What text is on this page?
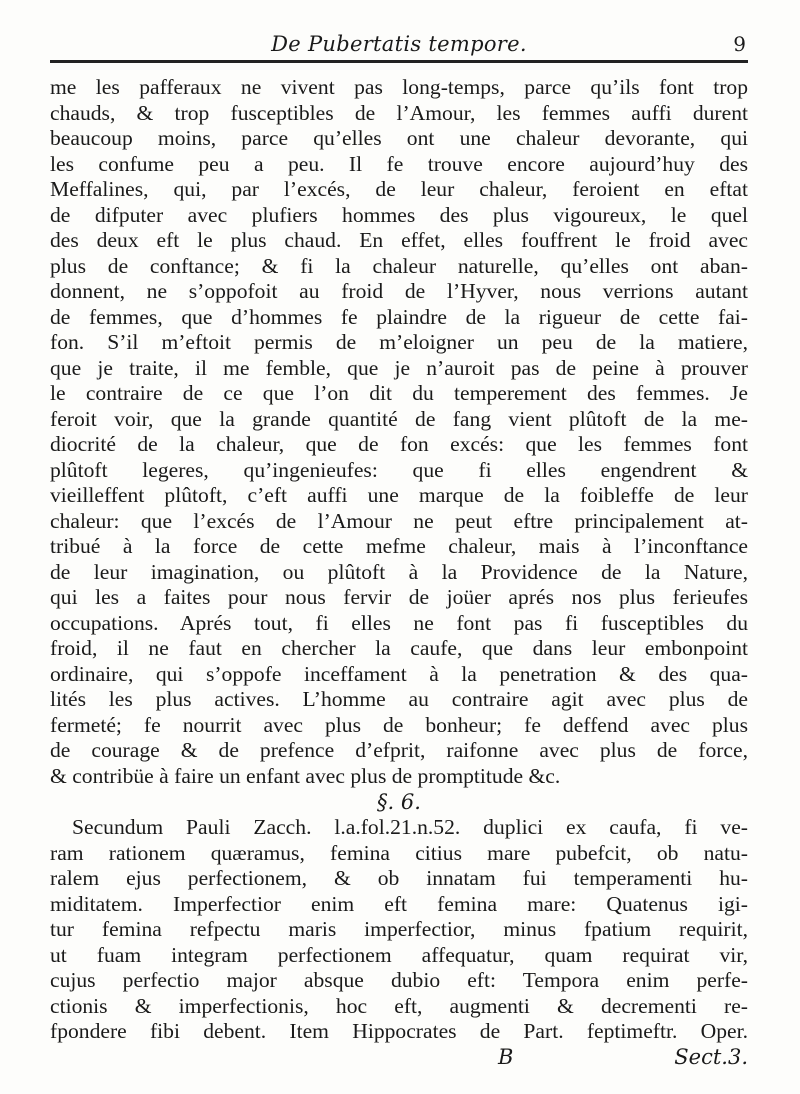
De Pubertatis tempore.	9
me les pafferaux ne vivent pas long-temps, parce qu’ils font trop
chauds, & trop fusceptibles de l’Amour, les femmes auffi durent
beaucoup moins, parce qu’elles ont une chaleur devorante, qui
les confume peu a peu. Il fe trouve encore aujourd’huy des
Meffalines, qui, par l’excés, de leur chaleur, feroient en eftat
de difputer avec plufiers hommes des plus vigoureux, le quel
des deux eft le plus chaud. En effet, elles fouffrent le froid avec
plus de conftance; & fi la chaleur naturelle, qu’elles ont aban-
donnent, ne s’oppofoit au froid de l’Hyver, nous verrions autant
de femmes, que d’hommes fe plaindre de la rigueur de cette fai-
fon. S’il m’eftoit permis de m’eloigner un peu de la matiere,
que je traite, il me femble, que je n’auroit pas de peine à prouver
le contraire de ce que l’on dit du temperement des femmes. Je
feroit voir, que la grande quantité de fang vient plûtoft de la me-
diocrité de la chaleur, que de fon excés: que les femmes font
plûtoft legeres, qu’ingenieufes: que fi elles engendrent &
vieilleffent plûtoft, c’eft auffi une marque de la foibleffe de leur
chaleur: que l’excés de l’Amour ne peut eftre principalement at-
tribué à la force de cette mefme chaleur, mais à l’inconftance
de leur imagination, ou plûtoft à la Providence de la Nature,
qui les a faites pour nous fervir de joüer aprés nos plus ferieufes
occupations. Aprés tout, fi elles ne font pas fi fusceptibles du
froid, il ne faut en chercher la caufe, que dans leur embonpoint
ordinaire, qui s’oppofe inceffament à la penetration & des qua-
lités les plus actives. L’homme au contraire agit avec plus de
fermeté; fe nourrit avec plus de bonheur; fe deffend avec plus
de courage & de prefence d’efprit, raifonne avec plus de force,
& contribüe à faire un enfant avec plus de promptitude &c.
§. 6.
Secundum Pauli Zacch. l.a.fol.21.n.52. duplici ex caufa, fi ve-
ram rationem quæramus, femina citius mare pubefcit, ob natu-
ralem ejus perfectionem, & ob innatam fui temperamenti hu-
miditatem. Imperfectior enim eft femina mare: Quatenus igi-
tur femina refpectu maris imperfectior, minus fpatium requirit,
ut fuam integram perfectionem affequatur, quam requirat vir,
cujus perfectio major absque dubio eft: Tempora enim perfe-
ctionis & imperfectionis, hoc eft, augmenti & decrementi re-
fpondere fibi debent. Item Hippocrates de Part. feptimeftr. Oper.
B	Sect.3.
